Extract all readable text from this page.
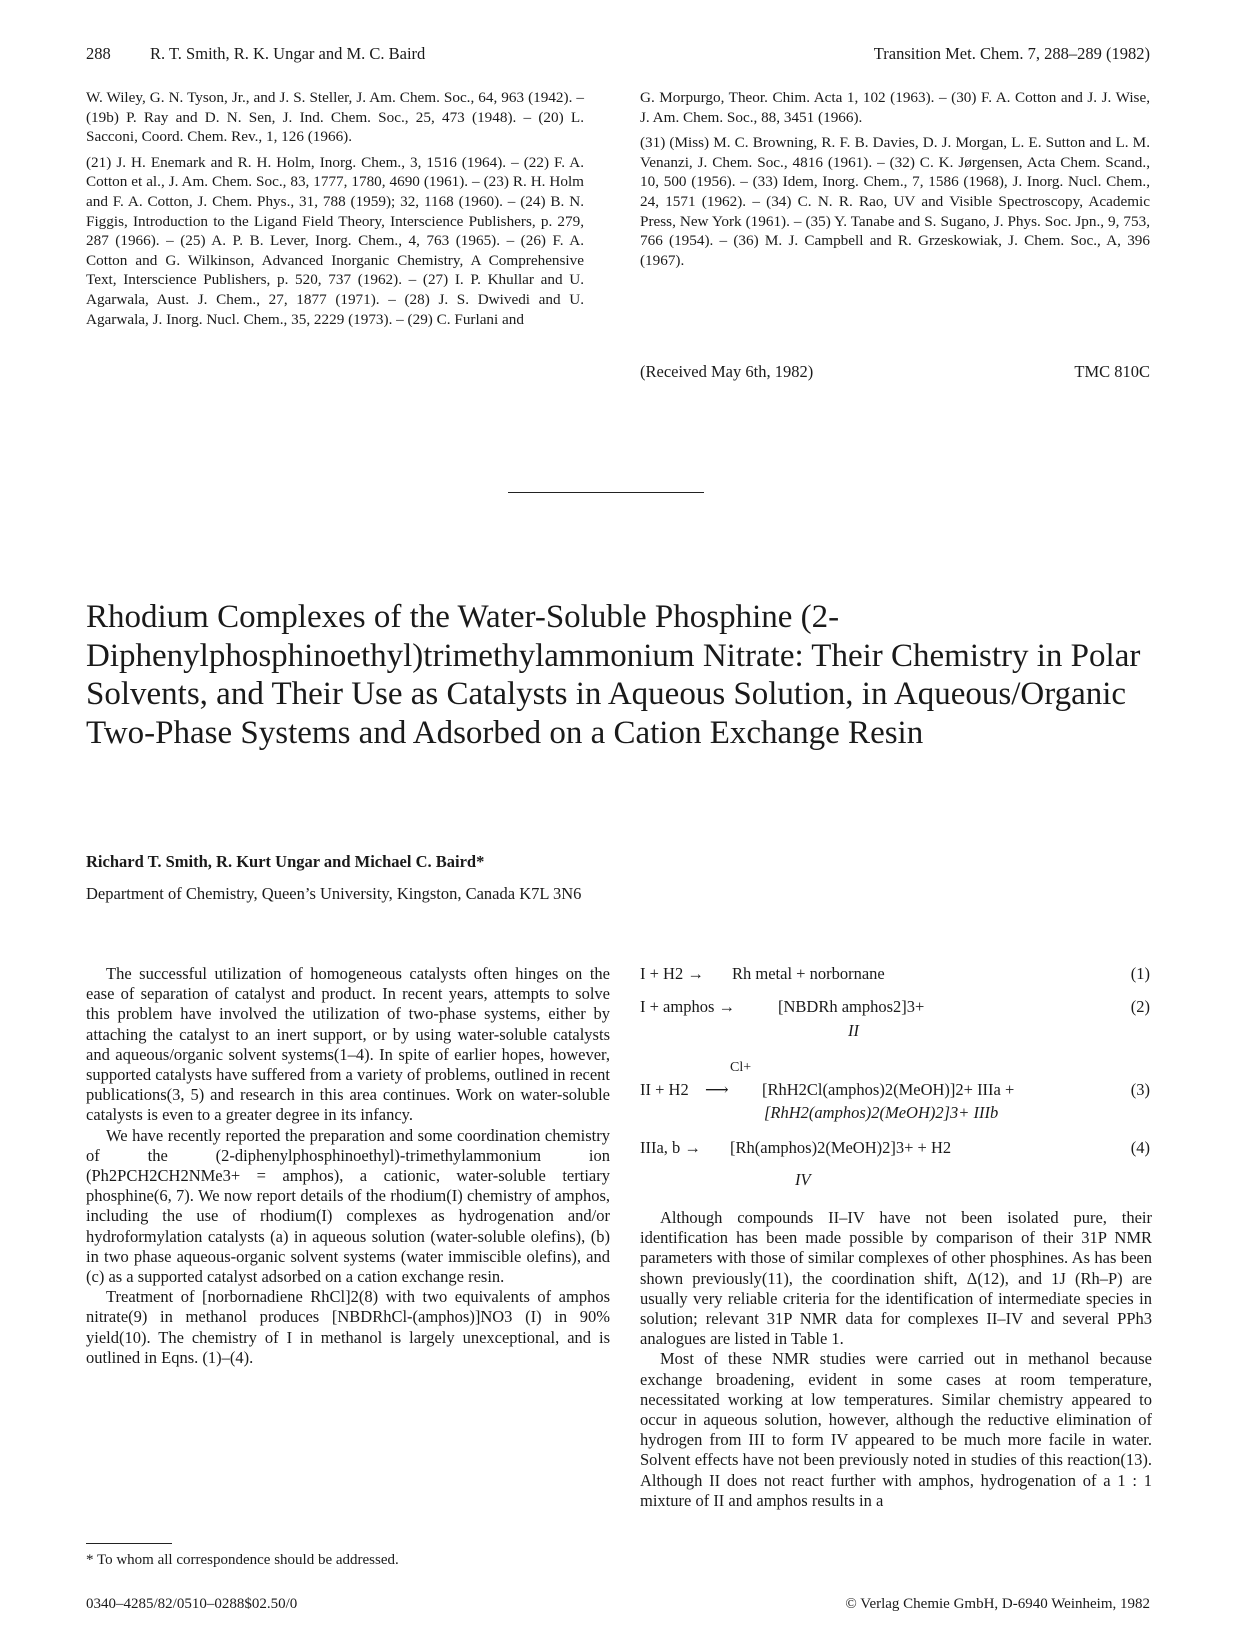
288 R. T. Smith, R. K. Ungar and M. C. Baird	Transition Met. Chem. 7, 288–289 (1982)

W. Wiley, G. N. Tyson, Jr., and J. S. Steller, J. Am. Chem. Soc., 64, 963 (1942). – (19b) P. Ray and D. N. Sen, J. Ind. Chem. Soc., 25, 473 (1948). – (20) L. Sacconi, Coord. Chem. Rev., 1, 126 (1966).

(21) J. H. Enemark and R. H. Holm, Inorg. Chem., 3, 1516 (1964). – (22) F. A. Cotton et al., J. Am. Chem. Soc., 83, 1777, 1780, 4690 (1961). – (23) R. H. Holm and F. A. Cotton, J. Chem. Phys., 31, 788 (1959); 32, 1168 (1960). – (24) B. N. Figgis, Introduction to the Ligand Field Theory, Interscience Publishers, p. 279, 287 (1966). – (25) A. P. B. Lever, Inorg. Chem., 4, 763 (1965). – (26) F. A. Cotton and G. Wilkinson, Advanced Inorganic Chemistry, A Comprehensive Text, Interscience Publishers, p. 520, 737 (1962). – (27) I. P. Khullar and U. Agarwala, Aust. J. Chem., 27, 1877 (1971). – (28) J. S. Dwivedi and U. Agarwala, J. Inorg. Nucl. Chem., 35, 2229 (1973). – (29) C. Furlani and

G. Morpurgo, Theor. Chim. Acta 1, 102 (1963). – (30) F. A. Cotton and J. J. Wise, J. Am. Chem. Soc., 88, 3451 (1966).

(31) (Miss) M. C. Browning, R. F. B. Davies, D. J. Morgan, L. E. Sutton and L. M. Venanzi, J. Chem. Soc., 4816 (1961). – (32) C. K. Jørgensen, Acta Chem. Scand., 10, 500 (1956). – (33) Idem, Inorg. Chem., 7, 1586 (1968), J. Inorg. Nucl. Chem., 24, 1571 (1962). – (34) C. N. R. Rao, UV and Visible Spectroscopy, Academic Press, New York (1961). – (35) Y. Tanabe and S. Sugano, J. Phys. Soc. Jpn., 9, 753, 766 (1954). – (36) M. J. Campbell and R. Grzeskowiak, J. Chem. Soc., A, 396 (1967).

(Received May 6th, 1982)	TMC 810C
Rhodium Complexes of the Water-Soluble Phosphine (2-Diphenylphosphinoethyl)trimethylammonium Nitrate: Their Chemistry in Polar Solvents, and Their Use as Catalysts in Aqueous Solution, in Aqueous/Organic Two-Phase Systems and Adsorbed on a Cation Exchange Resin
Richard T. Smith, R. Kurt Ungar and Michael C. Baird*
Department of Chemistry, Queen’s University, Kingston, Canada K7L 3N6

The successful utilization of homogeneous catalysts often hinges on the ease of separation of catalyst and product. In recent years, attempts to solve this problem have involved the utilization of two-phase systems, either by attaching the catalyst to an inert support, or by using water-soluble catalysts and aqueous/organic solvent systems(1–4). In spite of earlier hopes, however, supported catalysts have suffered from a variety of problems, outlined in recent publications(3, 5) and research in this area continues. Work on water-soluble catalysts is even to a greater degree in its infancy.

We have recently reported the preparation and some coordination chemistry of the (2-diphenylphosphinoethyl)-trimethylammonium ion (Ph2PCH2CH2NMe3+ = amphos), a cationic, water-soluble tertiary phosphine(6, 7). We now report details of the rhodium(I) chemistry of amphos, including the use of rhodium(I) complexes as hydrogenation and/or hydroformylation catalysts (a) in aqueous solution (water-soluble olefins), (b) in two phase aqueous-organic solvent systems (water immiscible olefins), and (c) as a supported catalyst adsorbed on a cation exchange resin.

Treatment of [norbornadiene RhCl]2(8) with two equivalents of amphos nitrate(9) in methanol produces [NBDRhCl-(amphos)]NO3 (I) in 90% yield(10). The chemistry of I in methanol is largely unexceptional, and is outlined in Eqns. (1)–(4).

I + H2 → Rh metal + norbornane	(1)
I + amphos →	[NBDRh amphos2]3+
II
(2)
II + H2
Cl+
⟶ [RhH2Cl(amphos)2(MeOH)]2+ IIIa +
[RhH2(amphos)2(MeOH)2]3+ IIIb
(3)
IIIa, b → [Rh(amphos)2(MeOH)2]3+ + H2
IV
(4)

Although compounds II–IV have not been isolated pure, their identification has been made possible by comparison of their 31P NMR parameters with those of similar complexes of other phosphines. As has been shown previously(11), the coordination shift, Δ(12), and 1J (Rh–P) are usually very reliable criteria for the identification of intermediate species in solution; relevant 31P NMR data for complexes II–IV and several PPh3 analogues are listed in Table 1.

Most of these NMR studies were carried out in methanol because exchange broadening, evident in some cases at room temperature, necessitated working at low temperatures. Similar chemistry appeared to occur in aqueous solution, however, although the reductive elimination of hydrogen from III to form IV appeared to be much more facile in water. Solvent effects have not been previously noted in studies of this reaction(13). Although II does not react further with amphos, hydrogenation of a 1 : 1 mixture of II and amphos results in a

* To whom all correspondence should be addressed.
0340–4285/82/0510–0288$02.50/0	© Verlag Chemie GmbH, D-6940 Weinheim, 1982
